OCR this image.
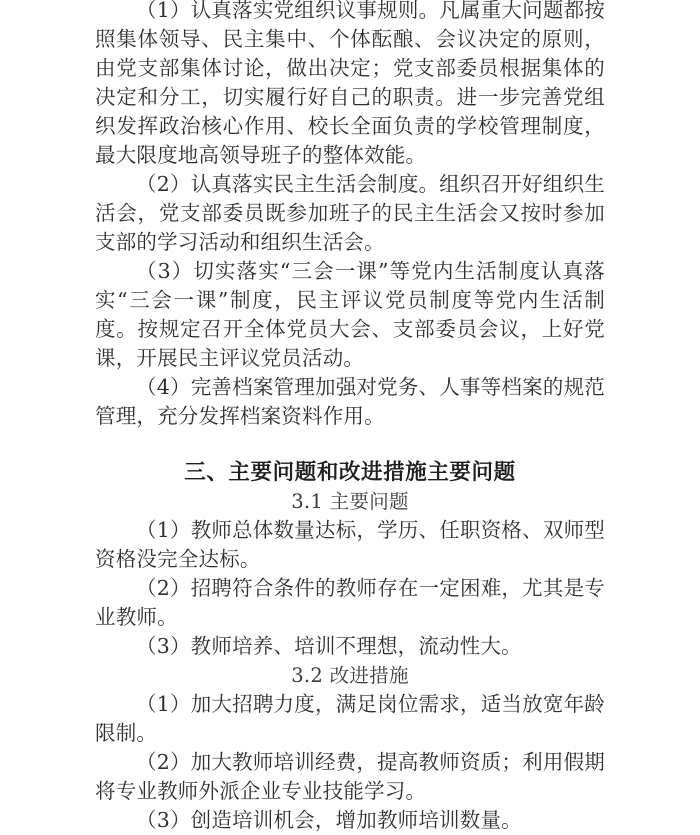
（1）认真落实党组织议事规则。凡属重大问题都按照集体领导、民主集中、个体酝酿、会议决定的原则，由党支部集体讨论，做出决定；党支部委员根据集体的决定和分工，切实履行好自己的职责。进一步完善党组织发挥政治核心作用、校长全面负责的学校管理制度，最大限度地高领导班子的整体效能。

（2）认真落实民主生活会制度。组织召开好组织生活会，党支部委员既参加班子的民主生活会又按时参加支部的学习活动和组织生活会。

（3）切实落实“三会一课”等党内生活制度认真落实“三会一课”制度，民主评议党员制度等党内生活制度。按规定召开全体党员大会、支部委员会议，上好党课，开展民主评议党员活动。

（4）完善档案管理加强对党务、人事等档案的规范管理，充分发挥档案资料作用。

三、主要问题和改进措施主要问题
3.1 主要问题

（1）教师总体数量达标，学历、任职资格、双师型资格没完全达标。

（2）招聘符合条件的教师存在一定困难，尤其是专业教师。

（3）教师培养、培训不理想，流动性大。

3.2 改进措施

（1）加大招聘力度，满足岗位需求，适当放宽年龄限制。

（2）加大教师培训经费，提高教师资质；利用假期将专业教师外派企业专业技能学习。

（3）创造培训机会，增加教师培训数量。
